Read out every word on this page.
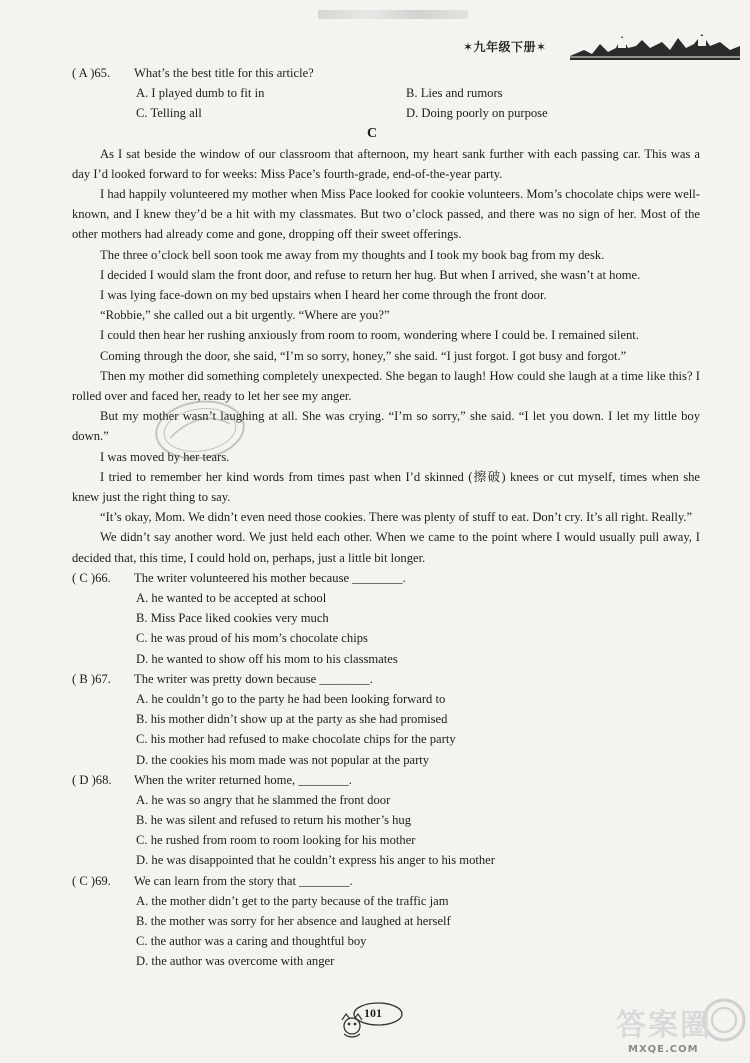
✶九年级下册✶
( A )65. What’s the best title for this article?
A. I played dumb to fit in	B. Lies and rumors
C. Telling all	D. Doing poorly on purpose
C

As I sat beside the window of our classroom that afternoon, my heart sank further with each passing car. This was a day I’d looked forward to for weeks: Miss Pace’s fourth-grade, end-of-the-year party.

I had happily volunteered my mother when Miss Pace looked for cookie volunteers. Mom’s chocolate chips were well-known, and I knew they’d be a hit with my classmates. But two o’clock passed, and there was no sign of her. Most of the other mothers had already come and gone, dropping off their sweet offerings.

The three o’clock bell soon took me away from my thoughts and I took my book bag from my desk.

I decided I would slam the front door, and refuse to return her hug. But when I arrived, she wasn’t at home.

I was lying face-down on my bed upstairs when I heard her come through the front door.

“Robbie,” she called out a bit urgently. “Where are you?”

I could then hear her rushing anxiously from room to room, wondering where I could be. I remained silent.

Coming through the door, she said, “I’m so sorry, honey,” she said. “I just forgot. I got busy and forgot.”

Then my mother did something completely unexpected. She began to laugh! How could she laugh at a time like this? I rolled over and faced her, ready to let her see my anger.

But my mother wasn’t laughing at all. She was crying. “I’m so sorry,” she said. “I let you down. I let my little boy down.”

I was moved by her tears.

I tried to remember her kind words from times past when I’d skinned (擦破) knees or cut myself, times when she knew just the right thing to say.

“It’s okay, Mom. We didn’t even need those cookies. There was plenty of stuff to eat. Don’t cry. It’s all right. Really.”

We didn’t say another word. We just held each other. When we came to the point where I would usually pull away, I decided that, this time, I could hold on, perhaps, just a little bit longer.

( C )66. The writer volunteered his mother because ________.
A. he wanted to be accepted at school
B. Miss Pace liked cookies very much
C. he was proud of his mom’s chocolate chips
D. he wanted to show off his mom to his classmates
( B )67. The writer was pretty down because ________.
A. he couldn’t go to the party he had been looking forward to
B. his mother didn’t show up at the party as she had promised
C. his mother had refused to make chocolate chips for the party
D. the cookies his mom made was not popular at the party
( D )68. When the writer returned home, ________.
A. he was so angry that he slammed the front door
B. he was silent and refused to return his mother’s hug
C. he rushed from room to room looking for his mother
D. he was disappointed that he couldn’t express his anger to his mother
( C )69. We can learn from the story that ________.
A. the mother didn’t get to the party because of the traffic jam
B. the mother was sorry for her absence and laughed at herself
C. the author was a caring and thoughtful boy
D. the author was overcome with anger
101	答案圈
MXQE.COM
